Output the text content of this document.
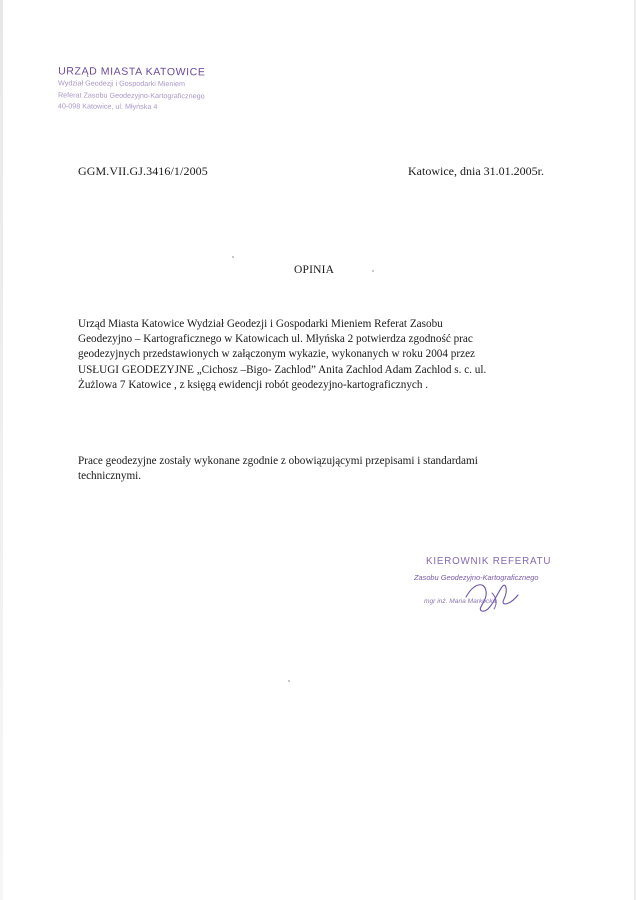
URZĄD MIASTA KATOWICE
Wydział Geodezji i Gospodarki Mieniem
Referat Zasobu Geodezyjno-Kartograficznego
40-098 Katowice, ul. Młyńska 4
GGM.VII.GJ.3416/1/2005	Katowice, dnia 31.01.2005r.
OPINIA
Urząd Miasta Katowice Wydział Geodezji i Gospodarki Mieniem Referat Zasobu
Geodezyjno – Kartograficznego w Katowicach ul. Młyńska 2 potwierdza zgodność prac
geodezyjnych przedstawionych w załączonym wykazie, wykonanych w roku 2004 przez
USŁUGI GEODEZYJNE „Cichosz –Bigo- Zachlod” Anita Zachlod Adam Zachlod s. c. ul.
Żużlowa 7 Katowice , z księgą ewidencji robót geodezyjno-kartograficznych .
Prace geodezyjne zostały wykonane zgodnie z obowiązującymi przepisami i standardami
technicznymi.
KIEROWNIK REFERATU
Zasobu Geodezyjno-Kartograficznego
mgr inż. Maria Markocka
